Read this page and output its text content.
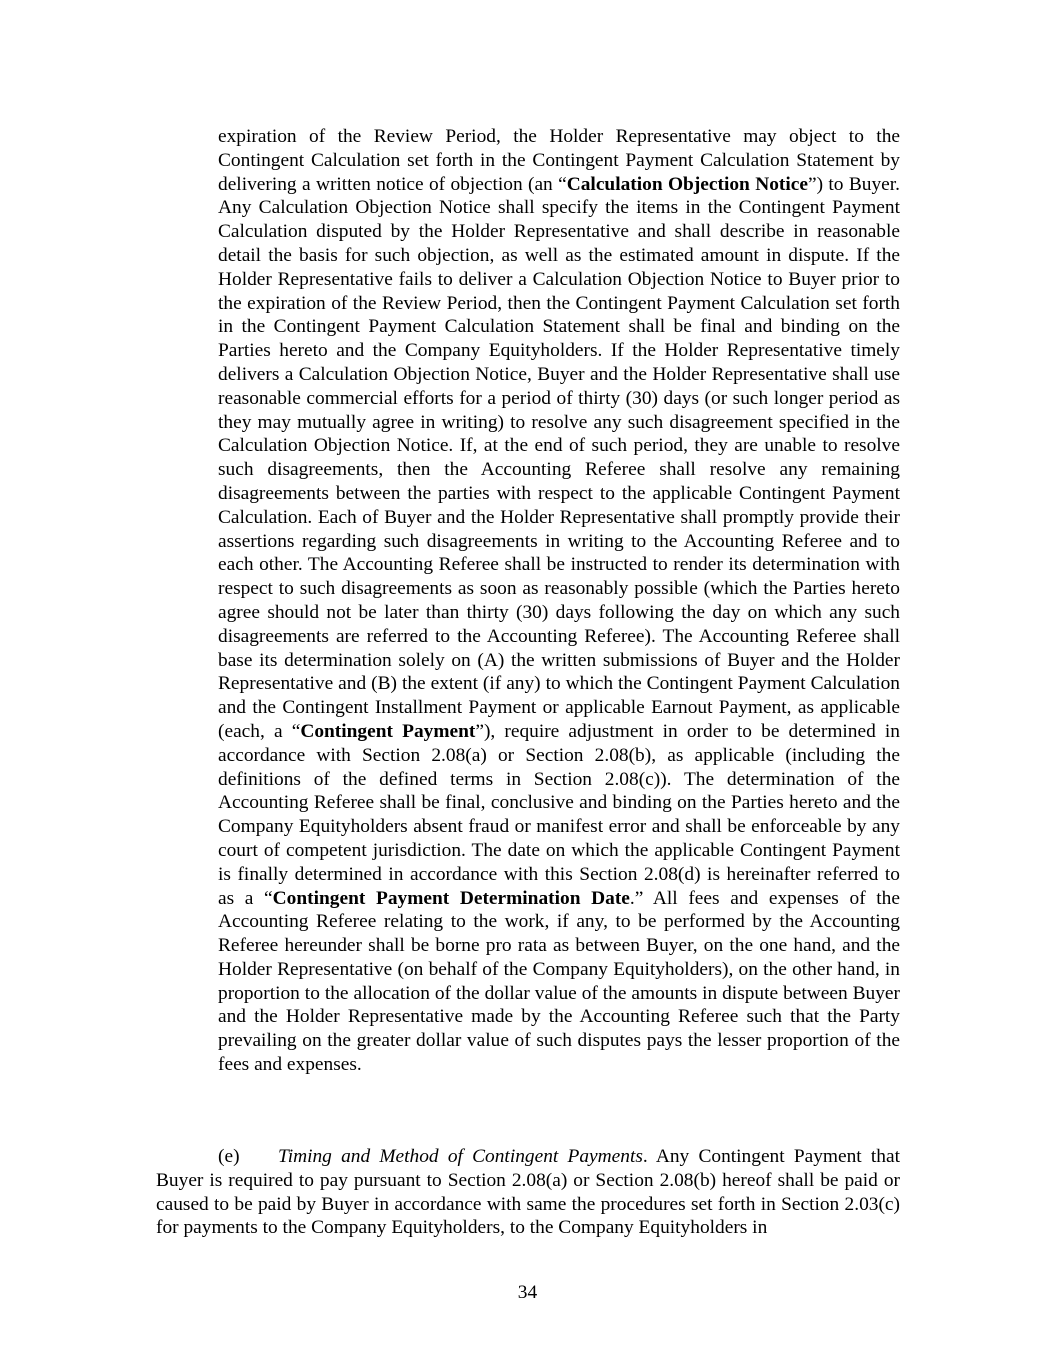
expiration of the Review Period, the Holder Representative may object to the Contingent Calculation set forth in the Contingent Payment Calculation Statement by delivering a written notice of objection (an “Calculation Objection Notice”) to Buyer. Any Calculation Objection Notice shall specify the items in the Contingent Payment Calculation disputed by the Holder Representative and shall describe in reasonable detail the basis for such objection, as well as the estimated amount in dispute. If the Holder Representative fails to deliver a Calculation Objection Notice to Buyer prior to the expiration of the Review Period, then the Contingent Payment Calculation set forth in the Contingent Payment Calculation Statement shall be final and binding on the Parties hereto and the Company Equityholders. If the Holder Representative timely delivers a Calculation Objection Notice, Buyer and the Holder Representative shall use reasonable commercial efforts for a period of thirty (30) days (or such longer period as they may mutually agree in writing) to resolve any such disagreement specified in the Calculation Objection Notice. If, at the end of such period, they are unable to resolve such disagreements, then the Accounting Referee shall resolve any remaining disagreements between the parties with respect to the applicable Contingent Payment Calculation. Each of Buyer and the Holder Representative shall promptly provide their assertions regarding such disagreements in writing to the Accounting Referee and to each other. The Accounting Referee shall be instructed to render its determination with respect to such disagreements as soon as reasonably possible (which the Parties hereto agree should not be later than thirty (30) days following the day on which any such disagreements are referred to the Accounting Referee). The Accounting Referee shall base its determination solely on (A) the written submissions of Buyer and the Holder Representative and (B) the extent (if any) to which the Contingent Payment Calculation and the Contingent Installment Payment or applicable Earnout Payment, as applicable (each, a “Contingent Payment”), require adjustment in order to be determined in accordance with Section 2.08(a) or Section 2.08(b), as applicable (including the definitions of the defined terms in Section 2.08(c)). The determination of the Accounting Referee shall be final, conclusive and binding on the Parties hereto and the Company Equityholders absent fraud or manifest error and shall be enforceable by any court of competent jurisdiction. The date on which the applicable Contingent Payment is finally determined in accordance with this Section 2.08(d) is hereinafter referred to as a “Contingent Payment Determination Date.” All fees and expenses of the Accounting Referee relating to the work, if any, to be performed by the Accounting Referee hereunder shall be borne pro rata as between Buyer, on the one hand, and the Holder Representative (on behalf of the Company Equityholders), on the other hand, in proportion to the allocation of the dollar value of the amounts in dispute between Buyer and the Holder Representative made by the Accounting Referee such that the Party prevailing on the greater dollar value of such disputes pays the lesser proportion of the fees and expenses.

(e) Timing and Method of Contingent Payments. Any Contingent Payment that Buyer is required to pay pursuant to Section 2.08(a) or Section 2.08(b) hereof shall be paid or caused to be paid by Buyer in accordance with same the procedures set forth in Section 2.03(c) for payments to the Company Equityholders, to the Company Equityholders in

34
